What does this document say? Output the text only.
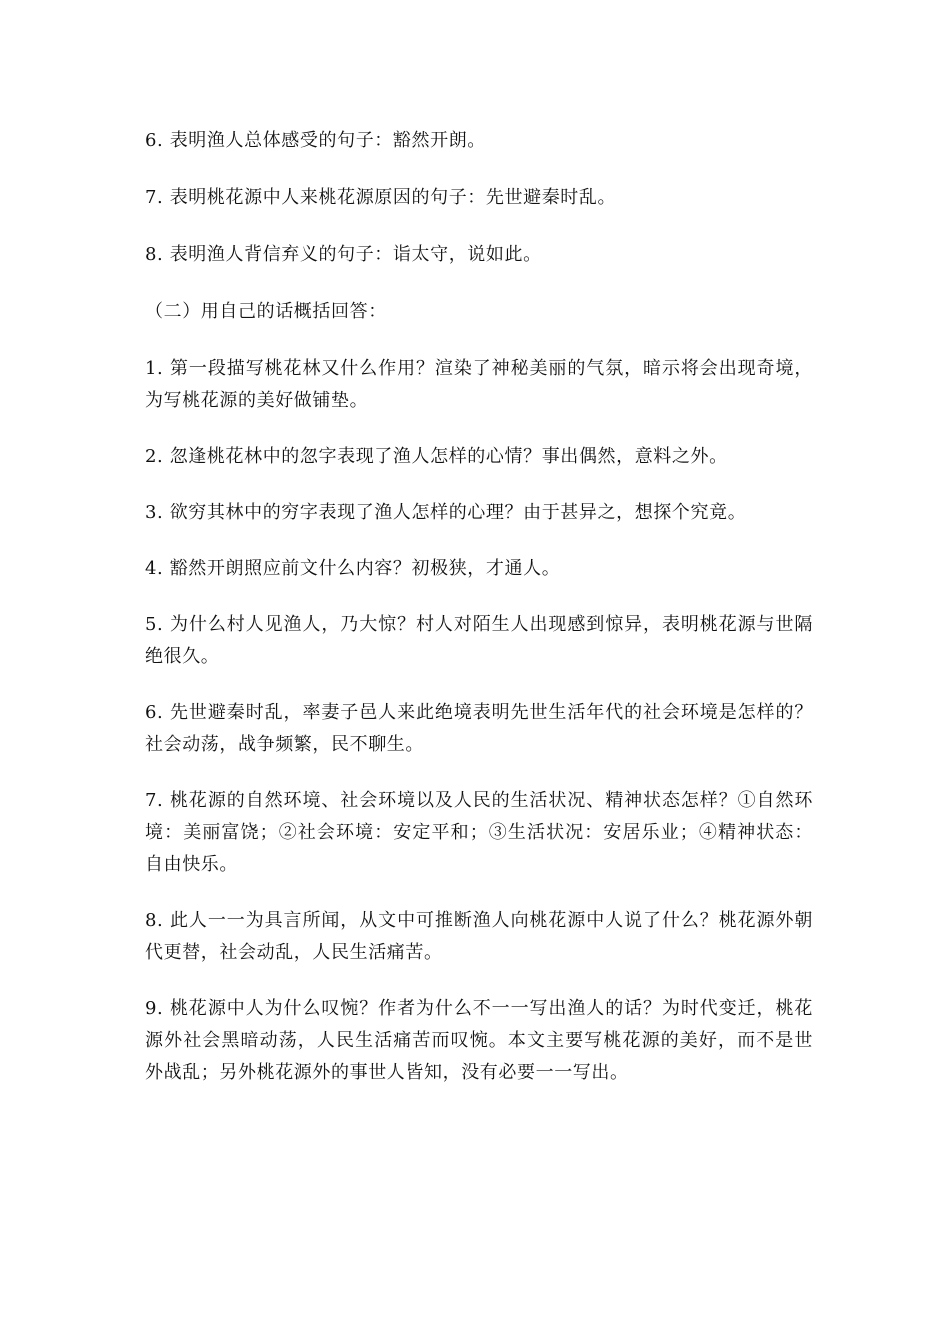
6. 表明渔人总体感受的句子：豁然开朗。

7. 表明桃花源中人来桃花源原因的句子：先世避秦时乱。

8. 表明渔人背信弃义的句子：诣太守，说如此。

（二）用自己的话概括回答：

1. 第一段描写桃花林又什么作用？渲染了神秘美丽的气氛，暗示将会出现奇境，为写桃花源的美好做铺垫。

2. 忽逢桃花林中的忽字表现了渔人怎样的心情？事出偶然，意料之外。

3. 欲穷其林中的穷字表现了渔人怎样的心理？由于甚异之，想探个究竟。

4. 豁然开朗照应前文什么内容？初极狭，才通人。

5. 为什么村人见渔人，乃大惊？村人对陌生人出现感到惊异，表明桃花源与世隔绝很久。

6. 先世避秦时乱，率妻子邑人来此绝境表明先世生活年代的社会环境是怎样的？社会动荡，战争频繁，民不聊生。

7. 桃花源的自然环境、社会环境以及人民的生活状况、精神状态怎样？①自然环境：美丽富饶；②社会环境：安定平和；③生活状况：安居乐业；④精神状态：自由快乐。

8. 此人一一为具言所闻，从文中可推断渔人向桃花源中人说了什么？桃花源外朝代更替，社会动乱，人民生活痛苦。

9. 桃花源中人为什么叹惋？作者为什么不一一写出渔人的话？为时代变迁，桃花源外社会黑暗动荡，人民生活痛苦而叹惋。本文主要写桃花源的美好，而不是世外战乱；另外桃花源外的事世人皆知，没有必要一一写出。
